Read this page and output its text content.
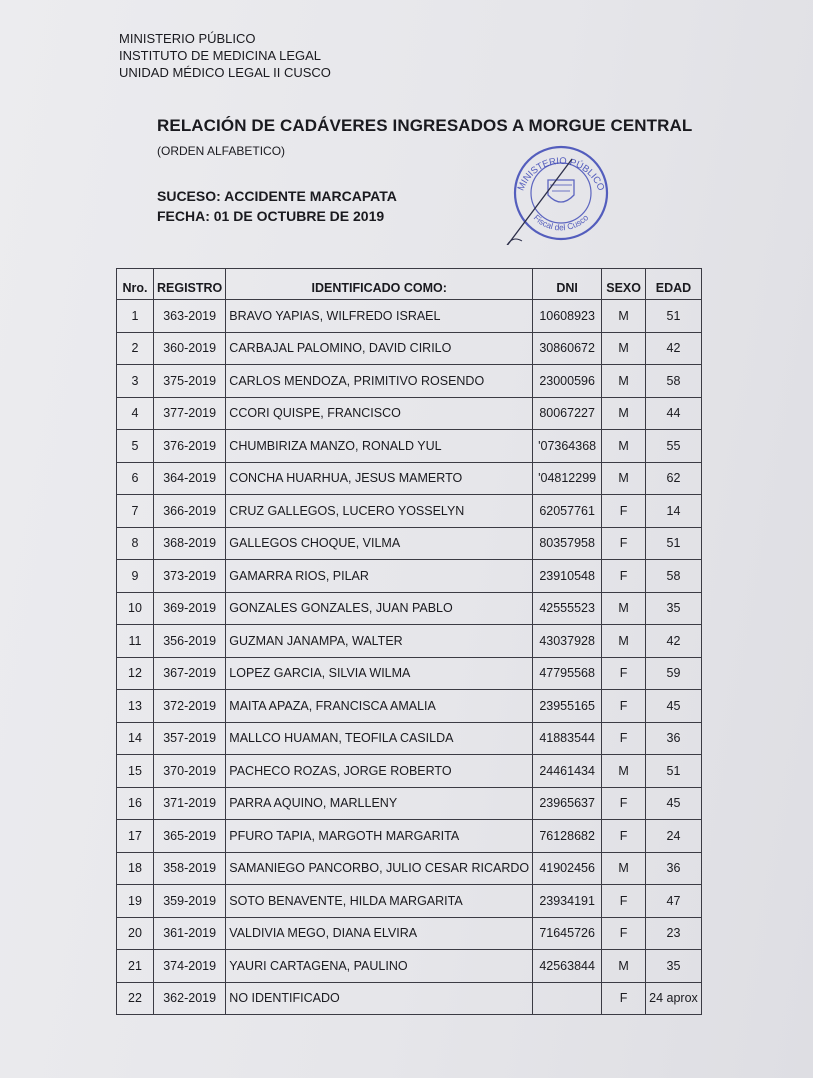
MINISTERIO PÚBLICO
INSTITUTO DE MEDICINA LEGAL
UNIDAD MÉDICO LEGAL II CUSCO
RELACIÓN DE CADÁVERES INGRESADOS A MORGUE CENTRAL
(ORDEN ALFABETICO)
SUCESO: ACCIDENTE MARCAPATA
FECHA: 01 DE OCTUBRE DE 2019
MINISTERIO PÚBLICO
Fiscal del Cusco
Nro.	REGISTRO	IDENTIFICADO COMO:	DNI	SEXO	EDAD
1	363-2019	BRAVO YAPIAS, WILFREDO ISRAEL	10608923	M	51
2	360-2019	CARBAJAL PALOMINO, DAVID CIRILO	30860672	M	42
3	375-2019	CARLOS MENDOZA, PRIMITIVO ROSENDO	23000596	M	58
4	377-2019	CCORI QUISPE, FRANCISCO	80067227	M	44
5	376-2019	CHUMBIRIZA MANZO, RONALD YUL	'07364368	M	55
6	364-2019	CONCHA HUARHUA, JESUS MAMERTO	'04812299	M	62
7	366-2019	CRUZ GALLEGOS, LUCERO YOSSELYN	62057761	F	14
8	368-2019	GALLEGOS CHOQUE, VILMA	80357958	F	51
9	373-2019	GAMARRA RIOS, PILAR	23910548	F	58
10	369-2019	GONZALES GONZALES, JUAN PABLO	42555523	M	35
11	356-2019	GUZMAN JANAMPA, WALTER	43037928	M	42
12	367-2019	LOPEZ GARCIA, SILVIA WILMA	47795568	F	59
13	372-2019	MAITA APAZA, FRANCISCA AMALIA	23955165	F	45
14	357-2019	MALLCO HUAMAN, TEOFILA CASILDA	41883544	F	36
15	370-2019	PACHECO ROZAS, JORGE ROBERTO	24461434	M	51
16	371-2019	PARRA AQUINO, MARLLENY	23965637	F	45
17	365-2019	PFURO TAPIA, MARGOTH MARGARITA	76128682	F	24
18	358-2019	SAMANIEGO PANCORBO, JULIO CESAR RICARDO	41902456	M	36
19	359-2019	SOTO BENAVENTE, HILDA MARGARITA	23934191	F	47
20	361-2019	VALDIVIA MEGO, DIANA ELVIRA	71645726	F	23
21	374-2019	YAURI CARTAGENA, PAULINO	42563844	M	35
22	362-2019	NO IDENTIFICADO		F	24 aprox
